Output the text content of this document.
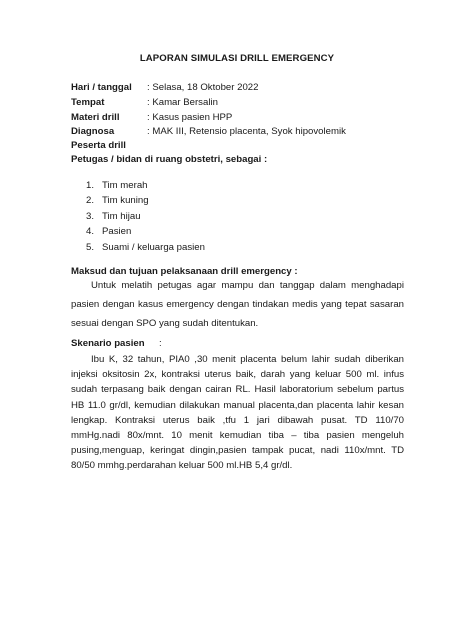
LAPORAN SIMULASI DRILL EMERGENCY
Hari / tanggal : Selasa, 18 Oktober 2022
Tempat	: Kamar Bersalin
Materi drill	: Kasus pasien HPP
Diagnosa	: MAK III, Retensio placenta, Syok hipovolemik
Peserta drill
Petugas / bidan di ruang obstetri, sebagai :
1. Tim merah
2. Tim kuning
3. Tim hijau
4. Pasien
5. Suami / keluarga pasien
Maksud dan tujuan pelaksanaan drill emergency :

Untuk melatih petugas agar mampu dan tanggap dalam menghadapi pasien dengan kasus emergency dengan tindakan medis yang tepat sasaran sesuai dengan SPO yang sudah ditentukan.

Skenario pasien :

Ibu K, 32 tahun, PIA0 ,30 menit placenta belum lahir sudah diberikan injeksi oksitosin 2x, kontraksi uterus baik, darah yang keluar 500 ml. infus sudah terpasang baik dengan cairan RL. Hasil laboratorium sebelum partus HB 11.0 gr/dl, kemudian dilakukan manual placenta,dan placenta lahir kesan lengkap. Kontraksi uterus baik ,tfu 1 jari dibawah pusat. TD 110/70 mmHg.nadi 80x/mnt. 10 menit kemudian tiba – tiba pasien mengeluh pusing,menguap, keringat dingin,pasien tampak pucat, nadi 110x/mnt. TD 80/50 mmhg.perdarahan keluar 500 ml.HB 5,4 gr/dl.
